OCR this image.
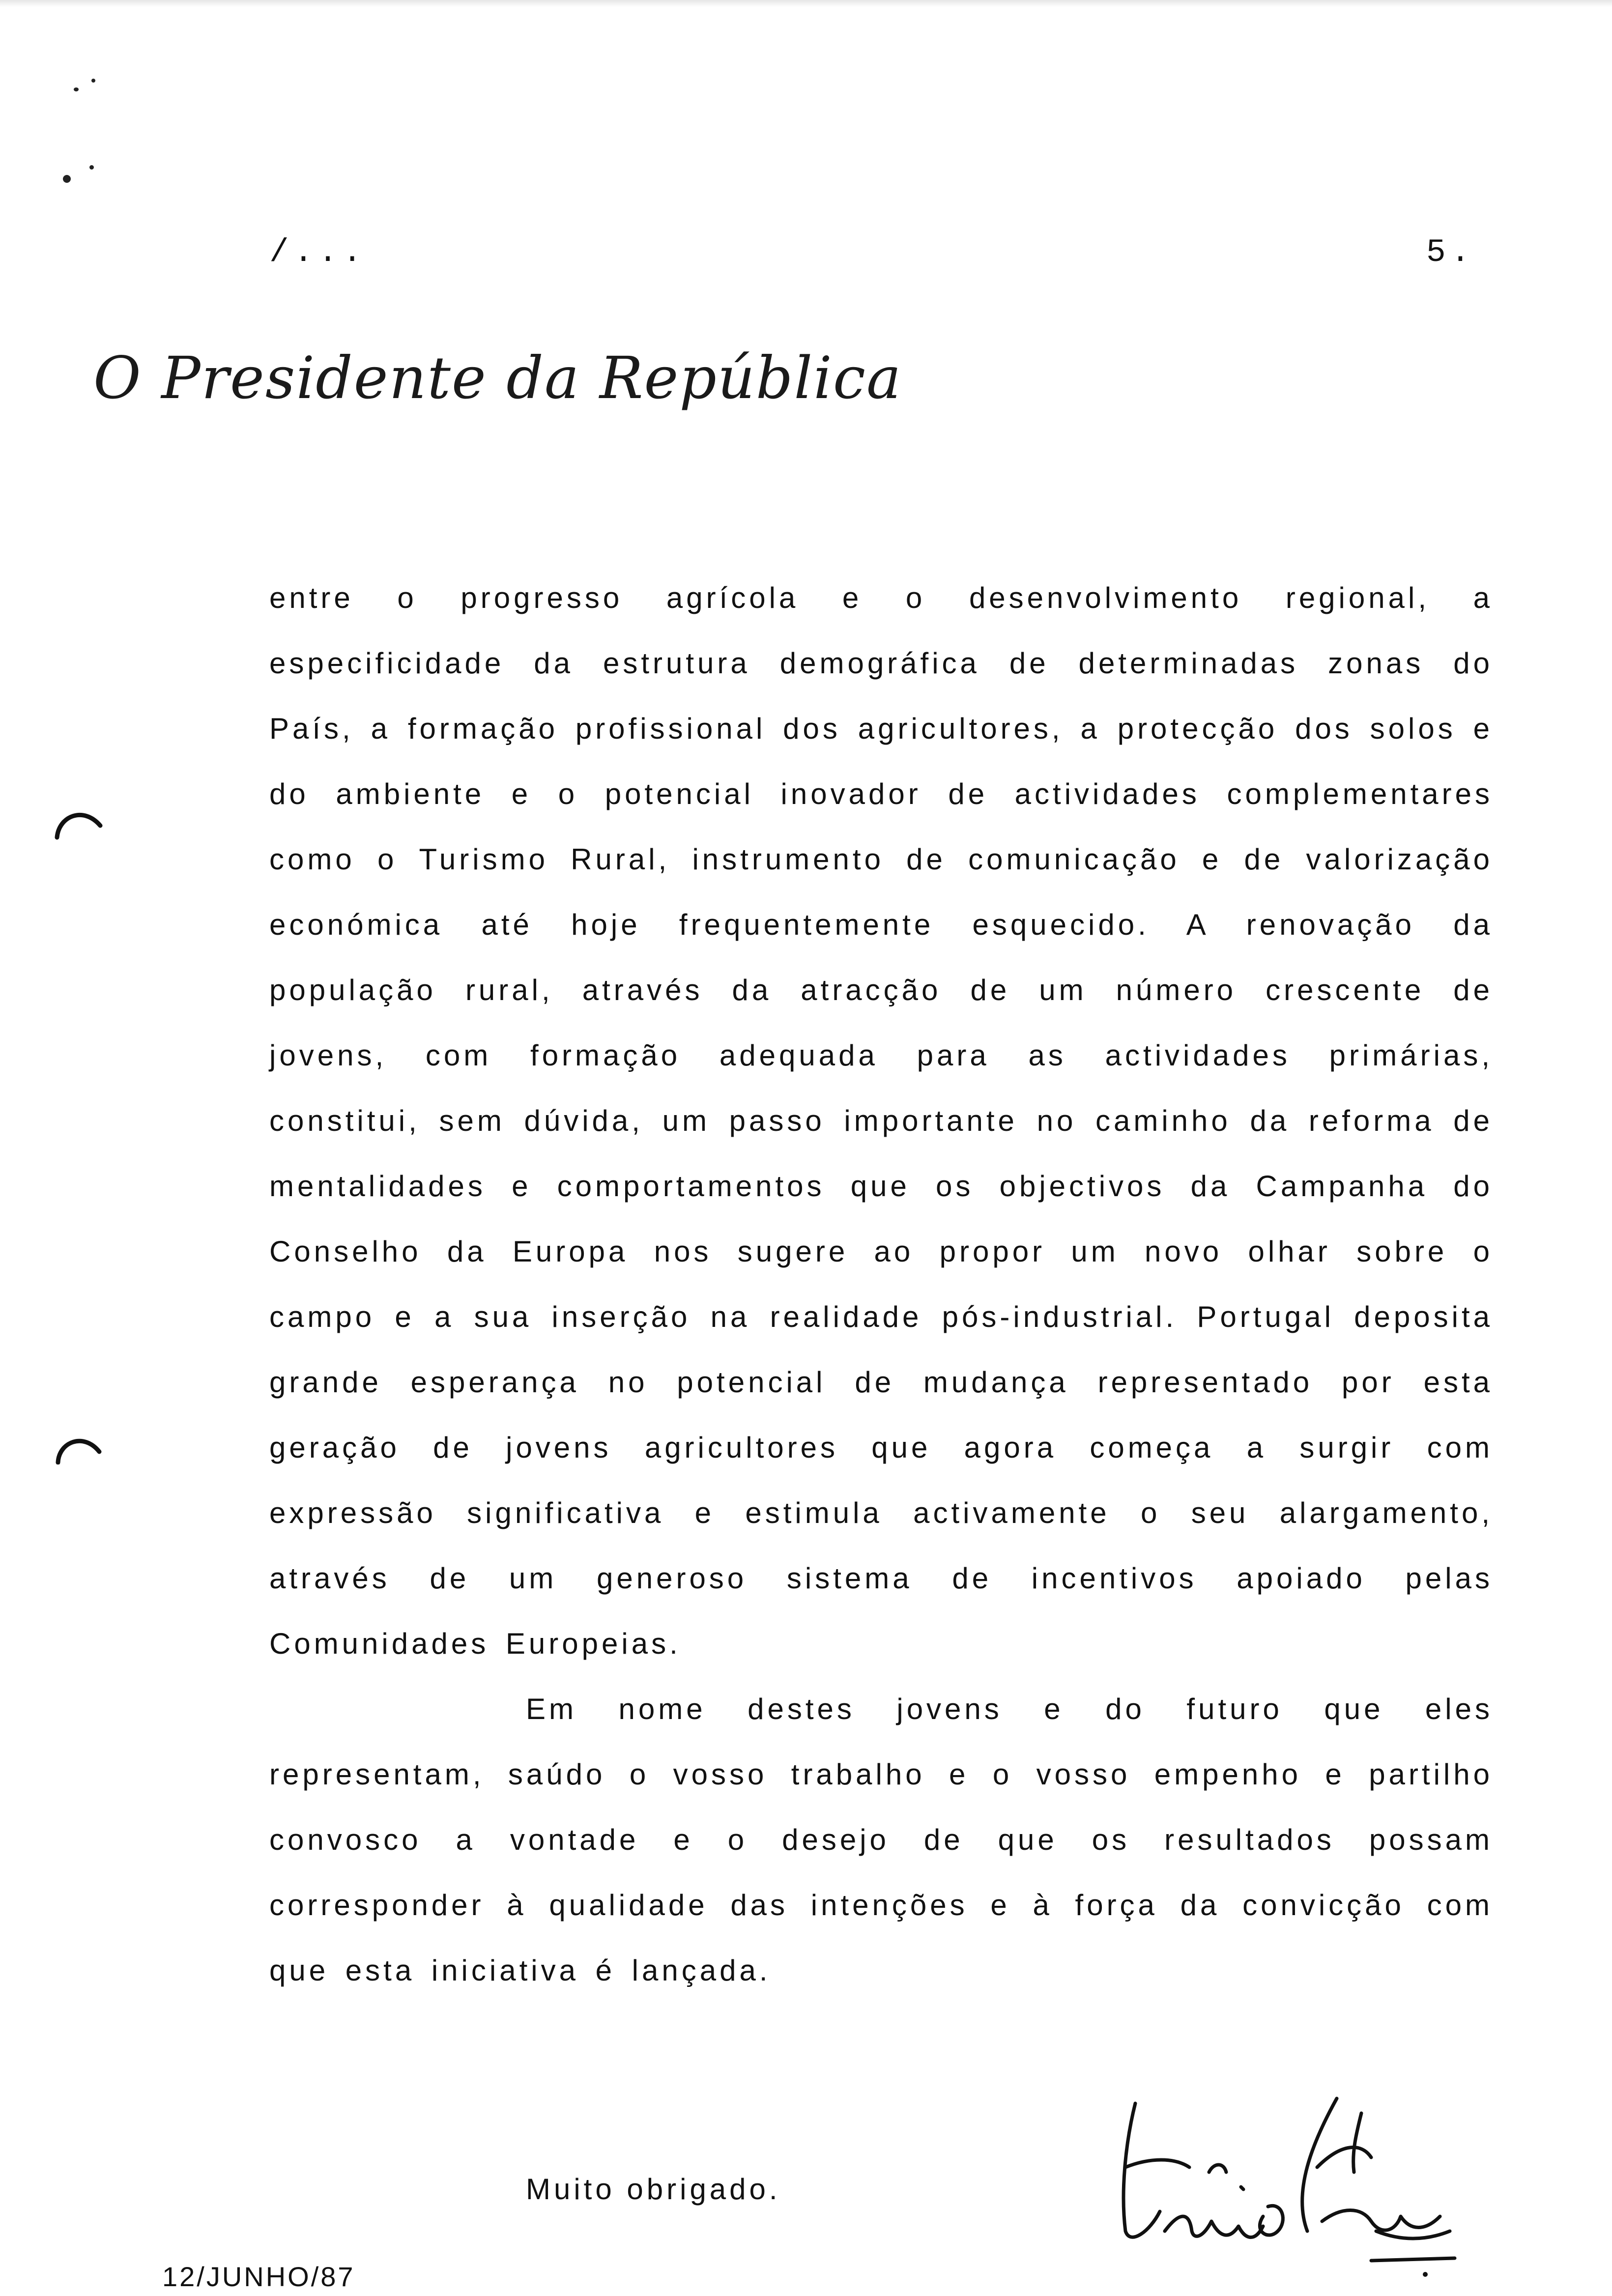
/...	5.
O Presidente da República

entre o progresso agrícola e o desenvolvimento regional, a especificidade da estrutura demográfica de determinadas zonas do País, a formação profissional dos agricultores, a protecção dos solos e do ambiente e o potencial inovador de actividades complementares como o Turismo Rural, instrumento de comunicação e de valorização económica até hoje frequentemente esquecido. A renovação da população rural, através da atracção de um número crescente de jovens, com formação adequada para as actividades primárias, constitui, sem dúvida, um passo importante no caminho da reforma de mentalidades e comportamentos que os objectivos da Campanha do Conselho da Europa nos sugere ao propor um novo olhar sobre o campo e a sua inserção na realidade pós-industrial. Portugal deposita grande esperança no potencial de mudança representado por esta geração de jovens agricultores que agora começa a surgir com expressão significativa e estimula activamente o seu alargamento, através de um generoso sistema de incentivos apoiado pelas Comunidades Europeias.

Em nome destes jovens e do futuro que eles representam, saúdo o vosso trabalho e o vosso empenho e partilho convosco a vontade e o desejo de que os resultados possam corresponder à qualidade das intenções e à força da convicção com que esta iniciativa é lançada.

Muito obrigado.
12/JUNHO/87
